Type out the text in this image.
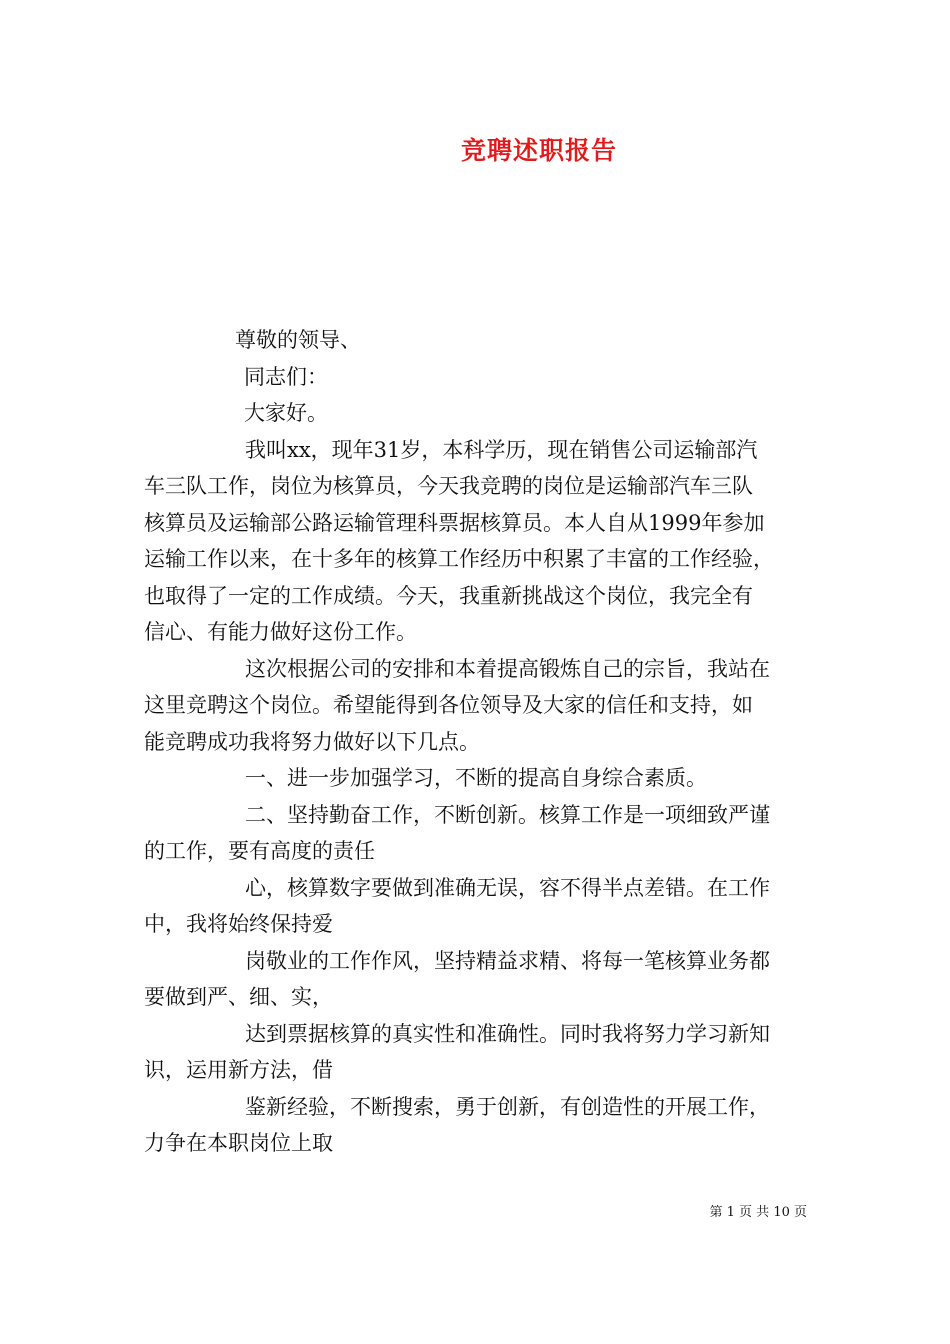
竞聘述职报告

尊敬的领导、

同志们：

大家好。

我叫xx，现年31岁，本科学历，现在销售公司运输部汽

车三队工作，岗位为核算员，今天我竞聘的岗位是运输部汽车三队

核算员及运输部公路运输管理科票据核算员。本人自从1999年参加

运输工作以来，在十多年的核算工作经历中积累了丰富的工作经验，

也取得了一定的工作成绩。今天，我重新挑战这个岗位，我完全有

信心、有能力做好这份工作。

这次根据公司的安排和本着提高锻炼自己的宗旨，我站在

这里竞聘这个岗位。希望能得到各位领导及大家的信任和支持，如

能竞聘成功我将努力做好以下几点。

一、进一步加强学习，不断的提高自身综合素质。

二、坚持勤奋工作，不断创新。核算工作是一项细致严谨

的工作，要有高度的责任

心，核算数字要做到准确无误，容不得半点差错。在工作

中，我将始终保持爱

岗敬业的工作作风，坚持精益求精、将每一笔核算业务都

要做到严、细、实，

达到票据核算的真实性和准确性。同时我将努力学习新知

识，运用新方法，借

鉴新经验，不断搜索，勇于创新，有创造性的开展工作，

力争在本职岗位上取

第 1 页 共 10 页
